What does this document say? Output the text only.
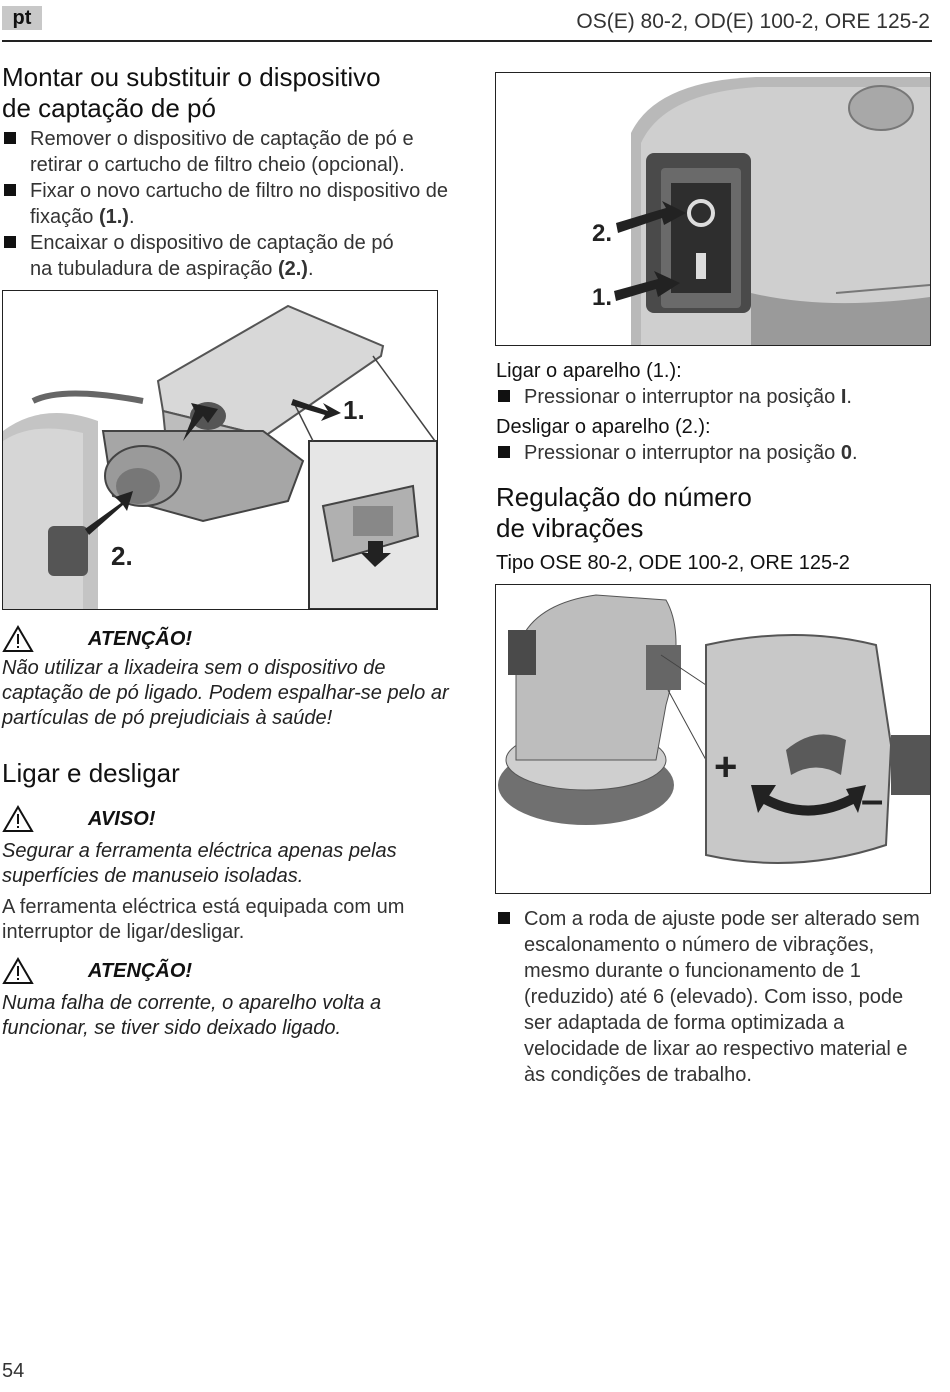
pt	OS(E) 80-2, OD(E) 100-2, ORE 125-2
Montar ou substituir o dispositivo
de captação de pó

Remover o dispositivo de captação de pó e retirar o cartucho de filtro cheio (opcional).

Fixar o novo cartucho de filtro no dispositivo de fixação (1.).

Encaixar o dispositivo de captação de pó na tubuladura de aspiração (2.).

2.
1.
1.
2.
Ligar o aparelho (1.):

Pressionar o interruptor na posição I.

Desligar o aparelho (2.):

Pressionar o interruptor na posição 0.

Regulação do número
de vibrações
Tipo OSE 80-2, ODE 100-2, ORE 125-2
+
–
ATENÇÃO!

Não utilizar a lixadeira sem o dispositivo de captação de pó ligado. Podem espalhar-se pelo ar partículas de pó prejudiciais à saúde!

Ligar e desligar
AVISO!

Segurar a ferramenta eléctrica apenas pelas superfícies de manuseio isoladas.

A ferramenta eléctrica está equipada com um interruptor de ligar/desligar.

ATENÇÃO!

Numa falha de corrente, o aparelho volta a funcionar, se tiver sido deixado ligado.

Com a roda de ajuste pode ser alterado sem escalonamento o número de vibrações, mesmo durante o funcionamento de 1 (reduzido) até 6 (elevado). Com isso, pode ser adaptada de forma optimizada a velocidade de lixar ao respectivo material e às condições de trabalho.

54
